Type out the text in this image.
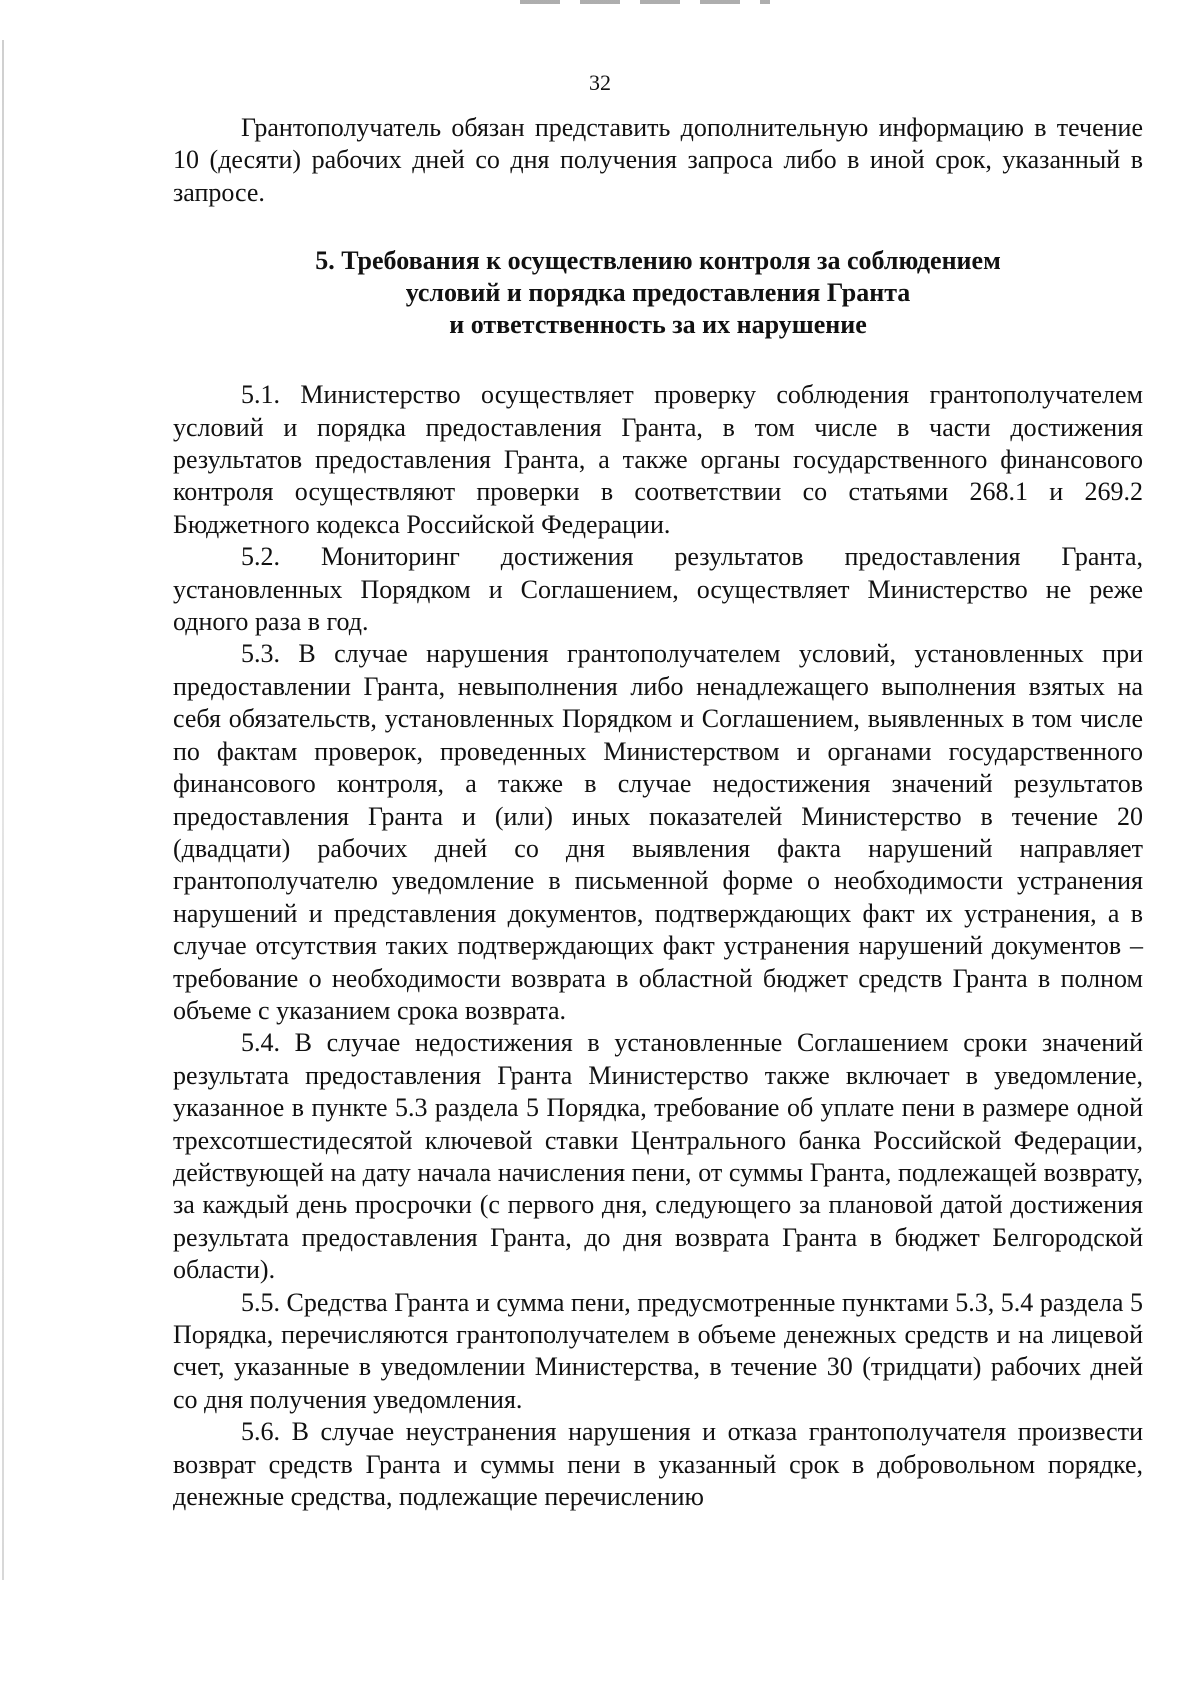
32

Грантополучатель обязан представить дополнительную информацию в течение 10 (десяти) рабочих дней со дня получения запроса либо в иной срок, указанный в запросе.

5. Требования к осуществлению контроля за соблюдением
условий и порядка предоставления Гранта
и ответственность за их нарушение

5.1. Министерство осуществляет проверку соблюдения грантополучателем условий и порядка предоставления Гранта, в том числе в части достижения результатов предоставления Гранта, а также органы государственного финансового контроля осуществляют проверки в соответствии со статьями 268.1 и 269.2 Бюджетного кодекса Российской Федерации.

5.2. Мониторинг достижения результатов предоставления Гранта, установленных Порядком и Соглашением, осуществляет Министерство не реже одного раза в год.

5.3. В случае нарушения грантополучателем условий, установленных при предоставлении Гранта, невыполнения либо ненадлежащего выполнения взятых на себя обязательств, установленных Порядком и Соглашением, выявленных в том числе по фактам проверок, проведенных Министерством и органами государственного финансового контроля, а также в случае недостижения значений результатов предоставления Гранта и (или) иных показателей Министерство в течение 20 (двадцати) рабочих дней со дня выявления факта нарушений направляет грантополучателю уведомление в письменной форме о необходимости устранения нарушений и представления документов, подтверждающих факт их устранения, а в случае отсутствия таких подтверждающих факт устранения нарушений документов – требование о необходимости возврата в областной бюджет средств Гранта в полном объеме с указанием срока возврата.

5.4. В случае недостижения в установленные Соглашением сроки значений результата предоставления Гранта Министерство также включает в уведомление, указанное в пункте 5.3 раздела 5 Порядка, требование об уплате пени в размере одной трехсотшестидесятой ключевой ставки Центрального банка Российской Федерации, действующей на дату начала начисления пени, от суммы Гранта, подлежащей возврату, за каждый день просрочки (с первого дня, следующего за плановой датой достижения результата предоставления Гранта, до дня возврата Гранта в бюджет Белгородской области).

5.5. Средства Гранта и сумма пени, предусмотренные пунктами 5.3, 5.4 раздела 5 Порядка, перечисляются грантополучателем в объеме денежных средств и на лицевой счет, указанные в уведомлении Министерства, в течение 30 (тридцати) рабочих дней со дня получения уведомления.

5.6. В случае неустранения нарушения и отказа грантополучателя произвести возврат средств Гранта и суммы пени в указанный срок в добровольном порядке, денежные средства, подлежащие перечислению
